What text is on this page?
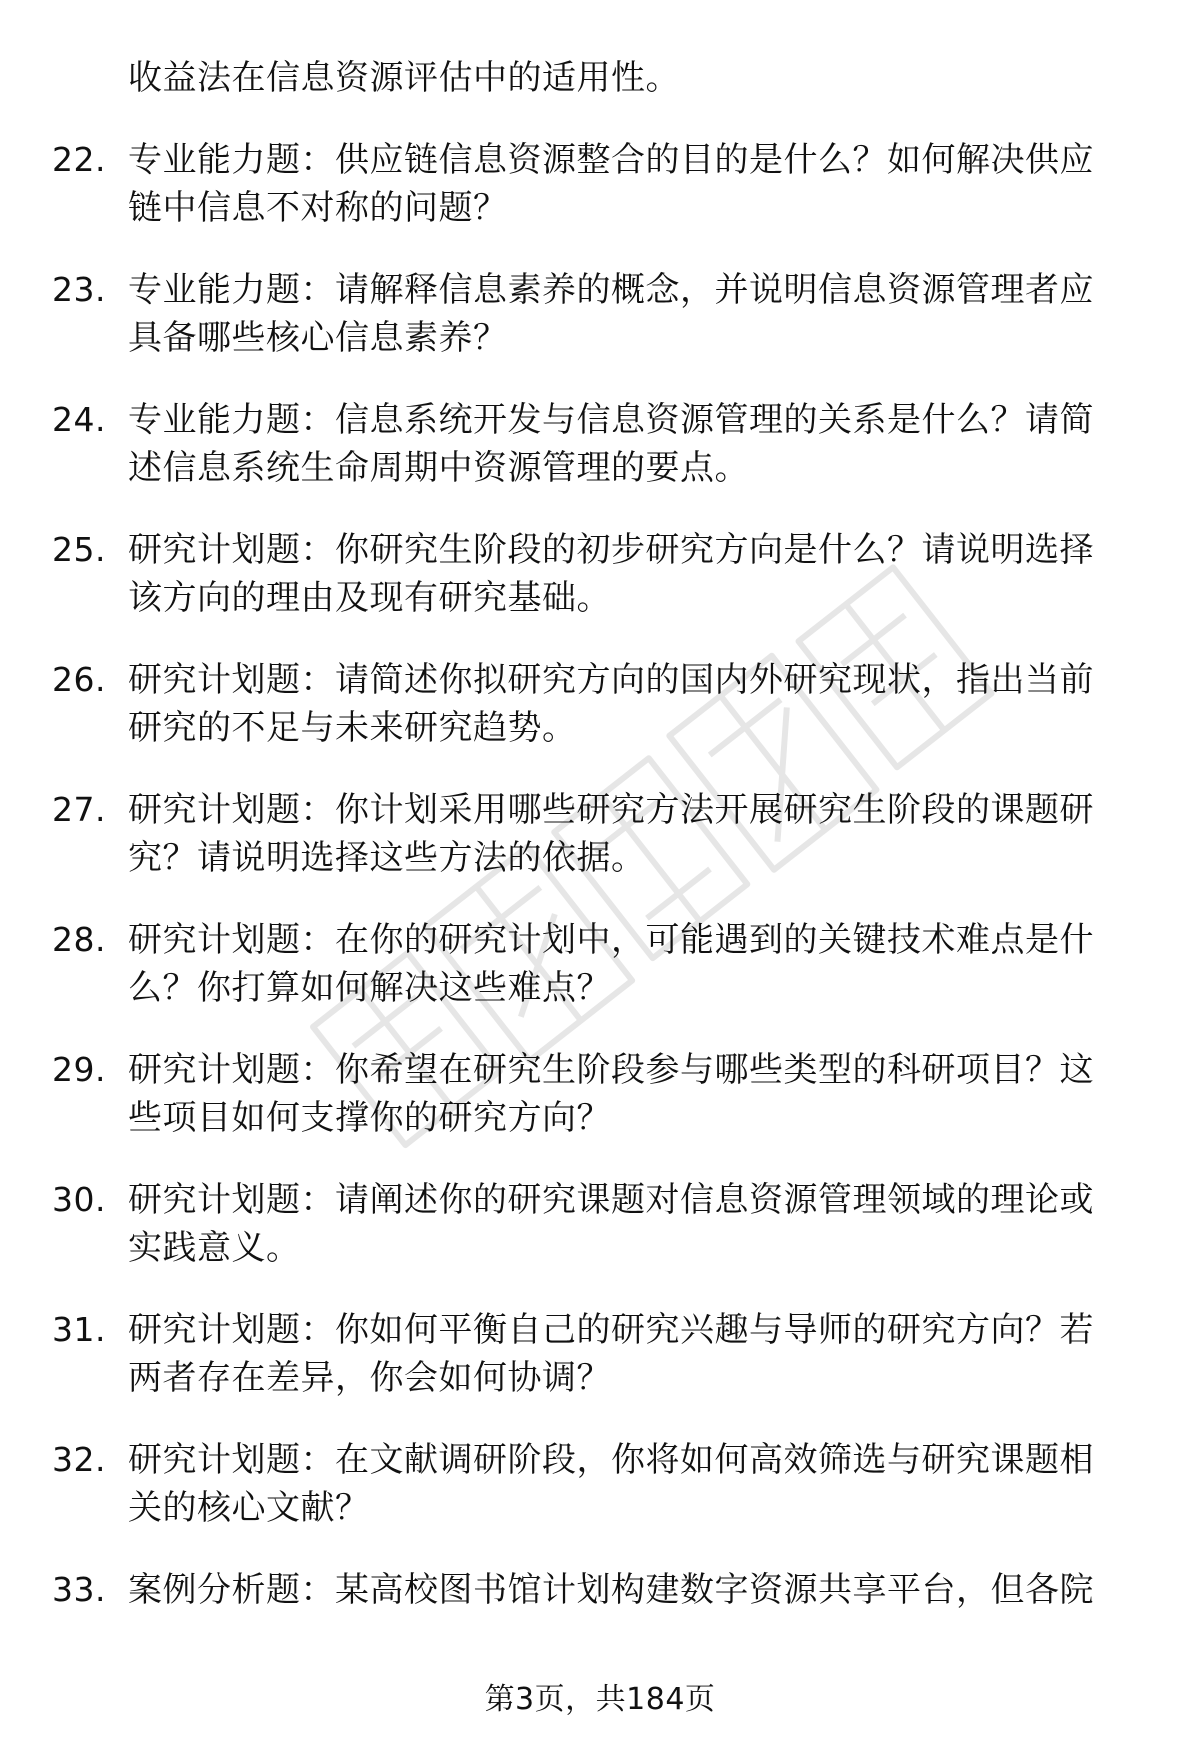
收益法在信息资源评估中的适用性。
22. 专业能力题：供应链信息资源整合的目的是什么？如何解决供应
链中信息不对称的问题？
23. 专业能力题：请解释信息素养的概念，并说明信息资源管理者应
具备哪些核心信息素养？
24. 专业能力题：信息系统开发与信息资源管理的关系是什么？请简
述信息系统生命周期中资源管理的要点。
25. 研究计划题：你研究生阶段的初步研究方向是什么？请说明选择
该方向的理由及现有研究基础。
26. 研究计划题：请简述你拟研究方向的国内外研究现状，指出当前
研究的不足与未来研究趋势。
27. 研究计划题：你计划采用哪些研究方法开展研究生阶段的课题研
究？请说明选择这些方法的依据。
28. 研究计划题：在你的研究计划中，可能遇到的关键技术难点是什
么？你打算如何解决这些难点？
29. 研究计划题：你希望在研究生阶段参与哪些类型的科研项目？这
些项目如何支撑你的研究方向？
30. 研究计划题：请阐述你的研究课题对信息资源管理领域的理论或
实践意义。
31. 研究计划题：你如何平衡自己的研究兴趣与导师的研究方向？若
两者存在差异，你会如何协调？
32. 研究计划题：在文献调研阶段，你将如何高效筛选与研究课题相
关的核心文献？
33. 案例分析题：某高校图书馆计划构建数字资源共享平台，但各院
第3页，共184页
